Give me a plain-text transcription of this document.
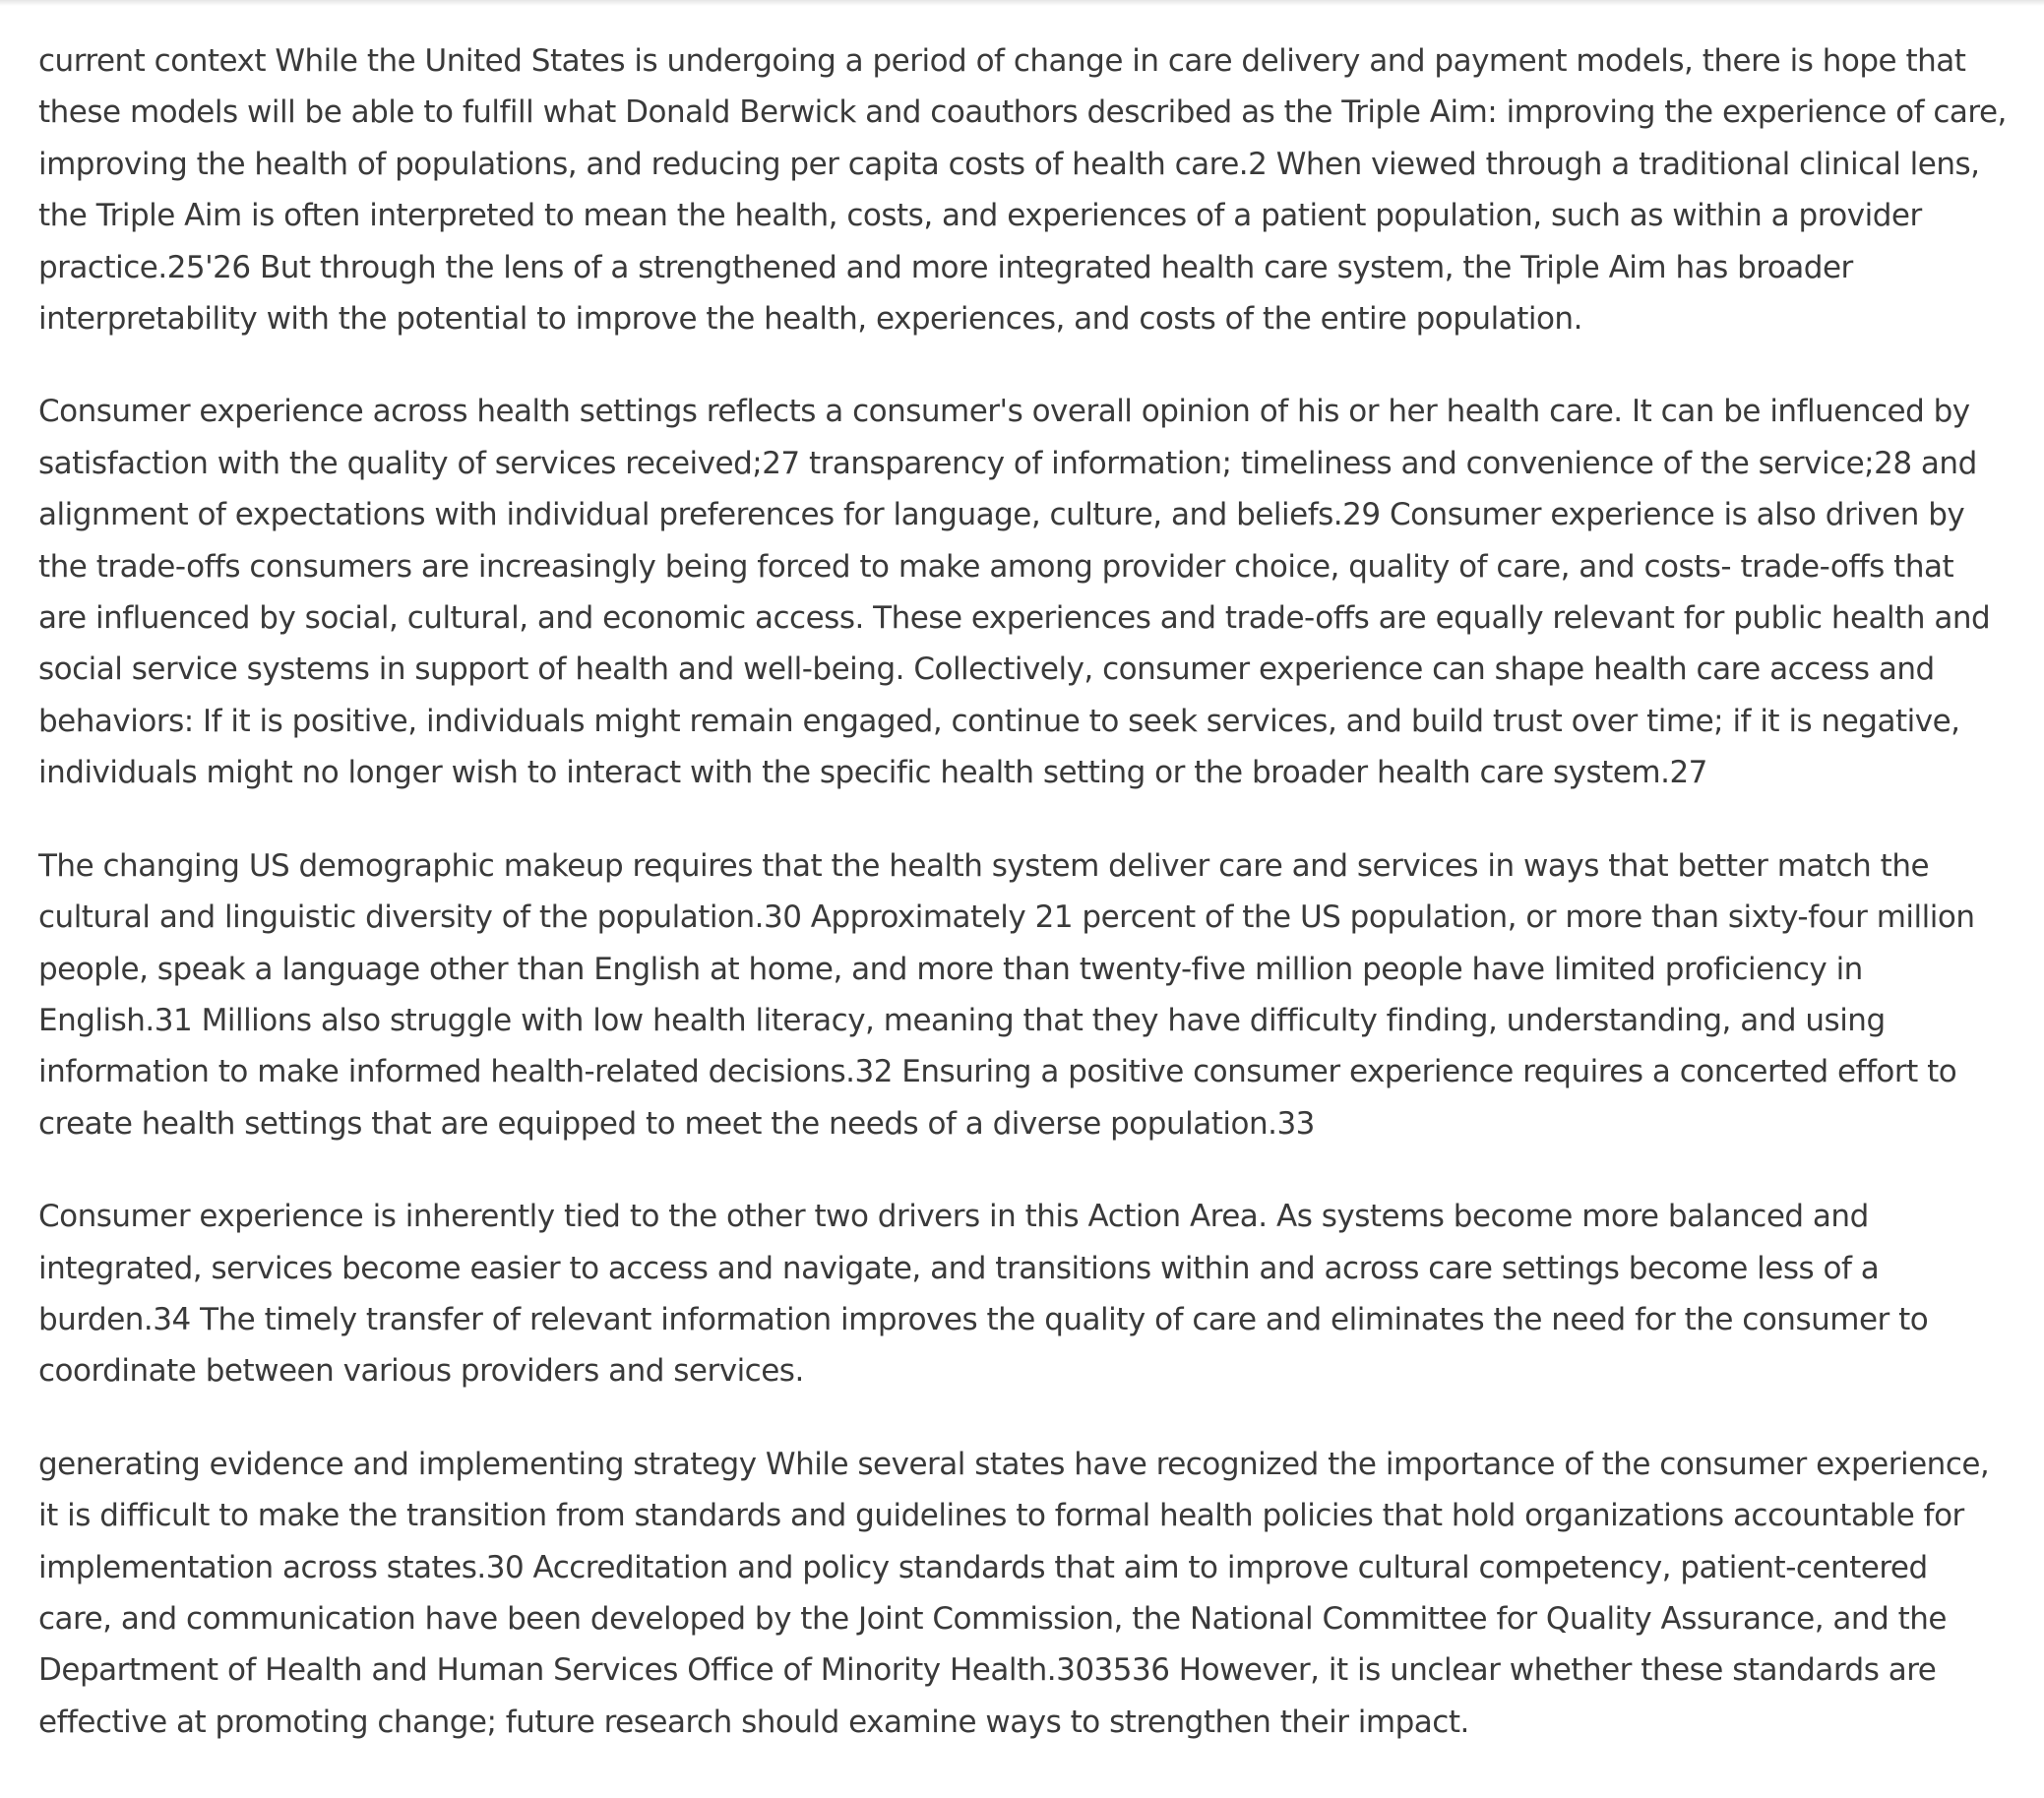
current context While the United States is undergoing a period of change in care delivery and payment models, there is hope that these models will be able to fulfill what Donald Berwick and coauthors described as the Triple Aim: improving the experience of care, improving the health of populations, and reducing per capita costs of health care.2 When viewed through a traditional clinical lens, the Triple Aim is often interpreted to mean the health, costs, and experiences of a patient population, such as within a provider practice.25'26 But through the lens of a strengthened and more integrated health care system, the Triple Aim has broader interpretability with the potential to improve the health, experiences, and costs of the entire population.

Consumer experience across health settings reflects a consumer's overall opinion of his or her health care. It can be influenced by satisfaction with the quality of services received;27 transparency of information; timeliness and convenience of the service;28 and alignment of expectations with individual preferences for language, culture, and beliefs.29 Consumer experience is also driven by the trade-offs consumers are increasingly being forced to make among provider choice, quality of care, and costs- trade-offs that are influenced by social, cultural, and economic access. These experiences and trade-offs are equally relevant for public health and social service systems in support of health and well-being. Collectively, consumer experience can shape health care access and behaviors: If it is positive, individuals might remain engaged, continue to seek services, and build trust over time; if it is negative, individuals might no longer wish to interact with the specific health setting or the broader health care system.27

The changing US demographic makeup requires that the health system deliver care and services in ways that better match the cultural and linguistic diversity of the population.30 Approximately 21 percent of the US population, or more than sixty-four million people, speak a language other than English at home, and more than twenty-five million people have limited proficiency in English.31 Millions also struggle with low health literacy, meaning that they have difficulty finding, understanding, and using information to make informed health-related decisions.32 Ensuring a positive consumer experience requires a concerted effort to create health settings that are equipped to meet the needs of a diverse population.33

Consumer experience is inherently tied to the other two drivers in this Action Area. As systems become more balanced and integrated, services become easier to access and navigate, and transitions within and across care settings become less of a burden.34 The timely transfer of relevant information improves the quality of care and eliminates the need for the consumer to coordinate between various providers and services.

generating evidence and implementing strategy While several states have recognized the importance of the consumer experience, it is difficult to make the transition from standards and guidelines to formal health policies that hold organizations accountable for implementation across states.30 Accreditation and policy standards that aim to improve cultural competency, patient-centered care, and communication have been developed by the Joint Commission, the National Committee for Quality Assurance, and the Department of Health and Human Services Office of Minority Health.303536 However, it is unclear whether these standards are effective at promoting change; future research should examine ways to strengthen their impact.
